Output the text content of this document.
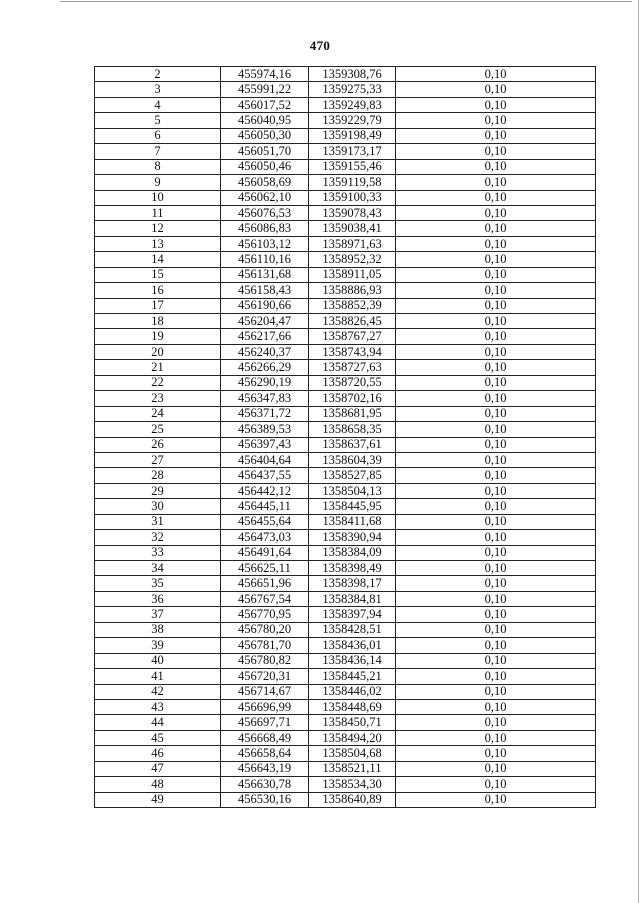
470
2	455974,16	1359308,76	0,10
3	455991,22	1359275,33	0,10
4	456017,52	1359249,83	0,10
5	456040,95	1359229,79	0,10
6	456050,30	1359198,49	0,10
7	456051,70	1359173,17	0,10
8	456050,46	1359155,46	0,10
9	456058,69	1359119,58	0,10
10	456062,10	1359100,33	0,10
11	456076,53	1359078,43	0,10
12	456086,83	1359038,41	0,10
13	456103,12	1358971,63	0,10
14	456110,16	1358952,32	0,10
15	456131,68	1358911,05	0,10
16	456158,43	1358886,93	0,10
17	456190,66	1358852,39	0,10
18	456204,47	1358826,45	0,10
19	456217,66	1358767,27	0,10
20	456240,37	1358743,94	0,10
21	456266,29	1358727,63	0,10
22	456290,19	1358720,55	0,10
23	456347,83	1358702,16	0,10
24	456371,72	1358681,95	0,10
25	456389,53	1358658,35	0,10
26	456397,43	1358637,61	0,10
27	456404,64	1358604,39	0,10
28	456437,55	1358527,85	0,10
29	456442,12	1358504,13	0,10
30	456445,11	1358445,95	0,10
31	456455,64	1358411,68	0,10
32	456473,03	1358390,94	0,10
33	456491,64	1358384,09	0,10
34	456625,11	1358398,49	0,10
35	456651,96	1358398,17	0,10
36	456767,54	1358384,81	0,10
37	456770,95	1358397,94	0,10
38	456780,20	1358428,51	0,10
39	456781,70	1358436,01	0,10
40	456780,82	1358436,14	0,10
41	456720,31	1358445,21	0,10
42	456714,67	1358446,02	0,10
43	456696,99	1358448,69	0,10
44	456697,71	1358450,71	0,10
45	456668,49	1358494,20	0,10
46	456658,64	1358504,68	0,10
47	456643,19	1358521,11	0,10
48	456630,78	1358534,30	0,10
49	456530,16	1358640,89	0,10
